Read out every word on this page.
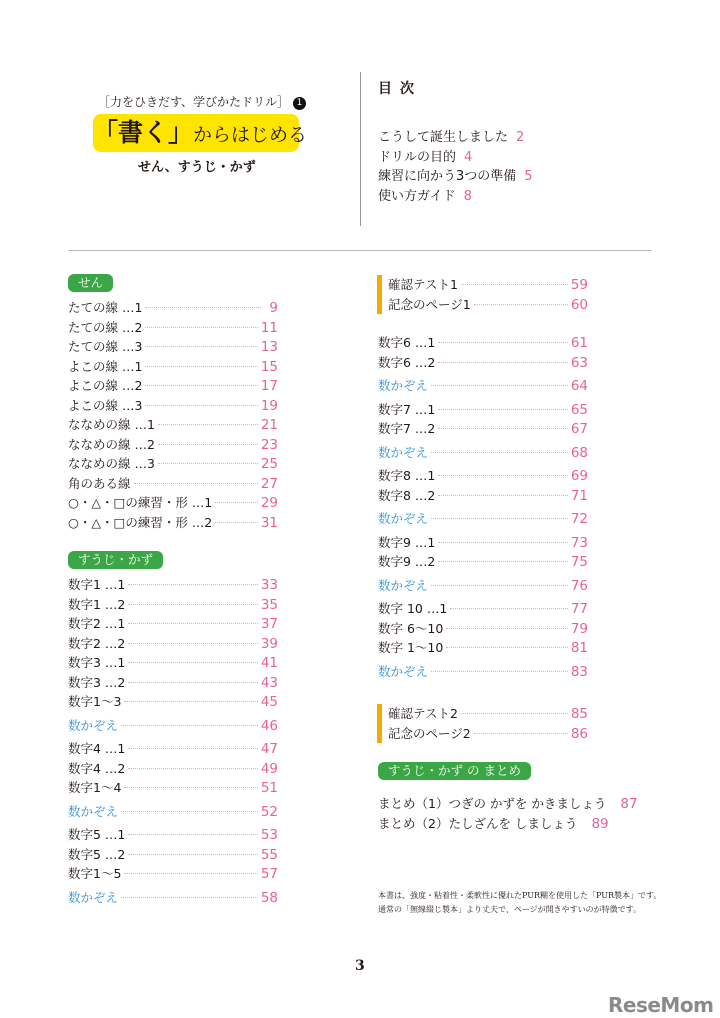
［力をひきだす、学びかたドリル］ 1
「書く」からはじめる
せん、すうじ・かず
目次
こうして誕生しました 2
ドリルの目的 4
練習に向かう3つの準備 5
使い方ガイド 8
せん
たての線 …1	9
たての線 …2	11
たての線 …3	13
よこの線 …1	15
よこの線 …2	17
よこの線 …3	19
ななめの線 …1	21
ななめの線 …2	23
ななめの線 …3	25
角のある線	27
○・△・□の練習・形 …1	29
○・△・□の練習・形 …2	31
すうじ・かず
数字1 …1	33
数字1 …2	35
数字2 …1	37
数字2 …2	39
数字3 …1	41
数字3 …2	43
数字1〜3	45
数かぞえ	46
数字4 …1	47
数字4 …2	49
数字1〜4	51
数かぞえ	52
数字5 …1	53
数字5 …2	55
数字1〜5	57
数かぞえ	58
確認テスト1	59
記念のページ1	60
数字6 …1	61
数字6 …2	63
数かぞえ	64
数字7 …1	65
数字7 …2	67
数かぞえ	68
数字8 …1	69
数字8 …2	71
数かぞえ	72
数字9 …1	73
数字9 …2	75
数かぞえ	76
数字 10 …1	77
数字 6〜10	79
数字 1〜10	81
数かぞえ	83
確認テスト2	85
記念のページ2	86
すうじ・かず の まとめ
まとめ（1）つぎの かずを かきましょう 87
まとめ（2）たしざんを しましょう 89
本書は、強度・粘着性・柔軟性に優れたPUR糊を使用した「PUR製本」です。
通常の「無線綴じ製本」より丈夫で、ページが開きやすいのが特徴です。
3
ReseMom
